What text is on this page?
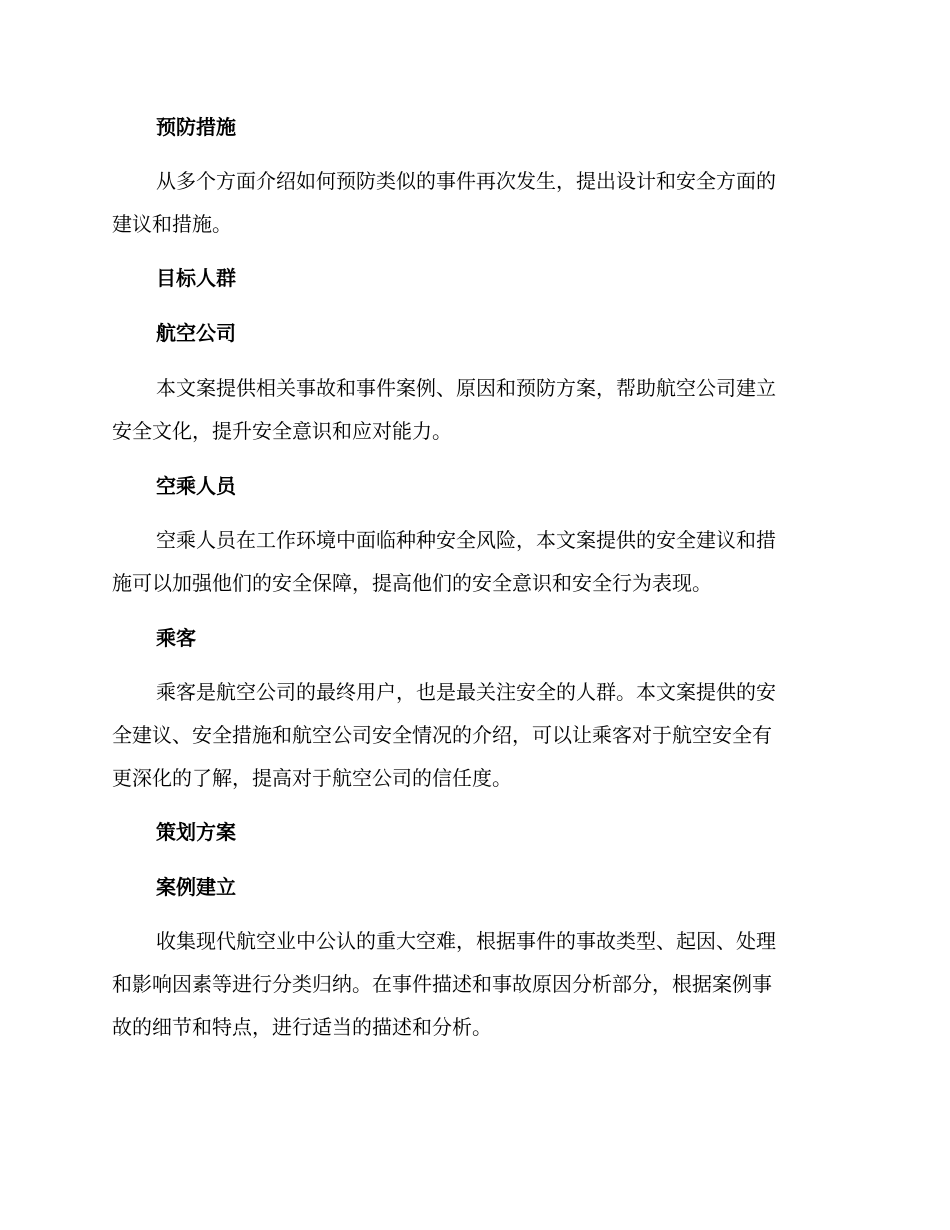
预防措施
从多个方面介绍如何预防类似的事件再次发生，提出设计和安全方面的
建议和措施。
目标人群
航空公司
本文案提供相关事故和事件案例、原因和预防方案，帮助航空公司建立
安全文化，提升安全意识和应对能力。
空乘人员
空乘人员在工作环境中面临种种安全风险，本文案提供的安全建议和措
施可以加强他们的安全保障，提高他们的安全意识和安全行为表现。
乘客
乘客是航空公司的最终用户，也是最关注安全的人群。本文案提供的安
全建议、安全措施和航空公司安全情况的介绍，可以让乘客对于航空安全有
更深化的了解，提高对于航空公司的信任度。
策划方案
案例建立
收集现代航空业中公认的重大空难，根据事件的事故类型、起因、处理
和影响因素等进行分类归纳。在事件描述和事故原因分析部分，根据案例事
故的细节和特点，进行适当的描述和分析。
